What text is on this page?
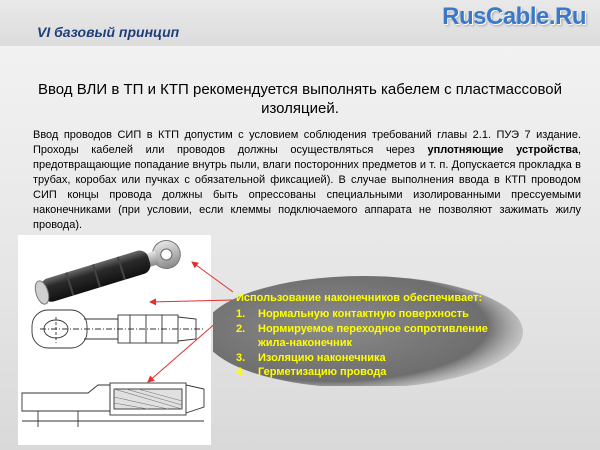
VI базовый принцип
RusCable.Ru
Ввод ВЛИ в ТП и КТП рекомендуется выполнять кабелем с пластмассовой изоляцией.
Ввод проводов СИП в КТП допустим с условием соблюдения требований главы 2.1. ПУЭ 7 издание. Проходы кабелей или проводов должны осуществляться через уплотняющие устройства, предотвращающие попадание внутрь пыли, влаги посторонних предметов и т. п. Допускается прокладка в трубах, коробах или пучках с обязательной фиксацией). В случае выполнения ввода в КТП проводом СИП концы провода должны быть опрессованы специальными изолированными прессуемыми наконечниками (при условии, если клеммы подключаемого аппарата не позволяют зажимать жилу провода).
Использование наконечников обеспечивает:
1. Нормальную контактную поверхность
2. Нормируемое переходное сопротивление жила-наконечник
3. Изоляцию наконечника
4. Герметизацию провода
